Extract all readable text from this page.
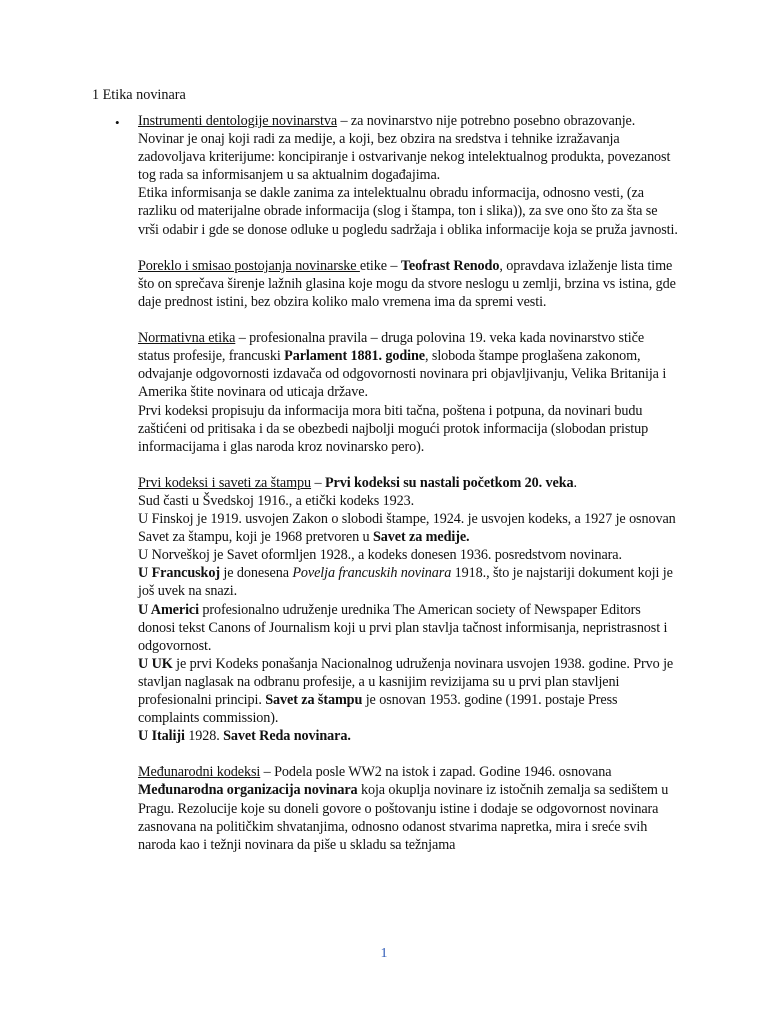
1 Etika novinara
• Instrumenti dentologije novinarstva – za novinarstvo nije potrebno posebno obrazovanje. Novinar je onaj koji radi za medije, a koji, bez obzira na sredstva i tehnike izražavanja zadovoljava kriterijume: koncipiranje i ostvarivanje nekog intelektualnog produkta, povezanost tog rada sa informisanjem u sa aktualnim događajima.
Etika informisanja se dakle zanima za intelektualnu obradu informacija, odnosno vesti, (za razliku od materijalne obrade informacija (slog i štampa, ton i slika)), za sve ono što za šta se vrši odabir i gde se donose odluke u pogledu sadržaja i oblika informacije koja se pruža javnosti.

Poreklo i smisao postojanja novinarske etike – Teofrast Renodo, opravdava izlaženje lista time što on sprečava širenje lažnih glasina koje mogu da stvore neslogu u zemlji, brzina vs istina, gde daje prednost istini, bez obzira koliko malo vremena ima da spremi vesti.

Normativna etika – profesionalna pravila – druga polovina 19. veka kada novinarstvo stiče status profesije, francuski Parlament 1881. godine, sloboda štampe proglašena zakonom, odvajanje odgovornosti izdavača od odgovornosti novinara pri objavljivanju, Velika Britanija i Amerika štite novinara od uticaja države.
Prvi kodeksi propisuju da informacija mora biti tačna, poštena i potpuna, da novinari budu zaštićeni od pritisaka i da se obezbedi najbolji mogući protok informacija (slobodan pristup informacijama i glas naroda kroz novinarsko pero).

Prvi kodeksi i saveti za štampu – Prvi kodeksi su nastali početkom 20. veka.
Sud časti u Švedskoj 1916., a etički kodeks 1923.
U Finskoj je 1919. usvojen Zakon o slobodi štampe, 1924. je usvojen kodeks, a 1927 je osnovan Savet za štampu, koji je 1968 pretvoren u Savet za medije.
U Norveškoj je Savet oformljen 1928., a kodeks donesen 1936. posredstvom novinara.
U Francuskoj je donesena Povelja francuskih novinara 1918., što je najstariji dokument koji je još uvek na snazi.
U Americi profesionalno udruženje urednika The American society of Newspaper Editors donosi tekst Canons of Journalism koji u prvi plan stavlja tačnost informisanja, nepristrasnost i odgovornost.
U UK je prvi Kodeks ponašanja Nacionalnog udruženja novinara usvojen 1938. godine. Prvo je stavljan naglasak na odbranu profesije, a u kasnijim revizijama su u prvi plan stavljeni profesionalni principi. Savet za štampu je osnovan 1953. godine (1991. postaje Press complaints commission).
U Italiji 1928. Savet Reda novinara.

Međunarodni kodeksi – Podela posle WW2 na istok i zapad. Godine 1946. osnovana Međunarodna organizacija novinara koja okuplja novinare iz istočnih zemalja sa sedištem u Pragu. Rezolucije koje su doneli govore o poštovanju istine i dodaje se odgovornost novinara zasnovana na političkim shvatanjima, odnosno odanost stvarima napretka, mira i sreće svih naroda kao i težnji novinara da piše u skladu sa težnjama

1
